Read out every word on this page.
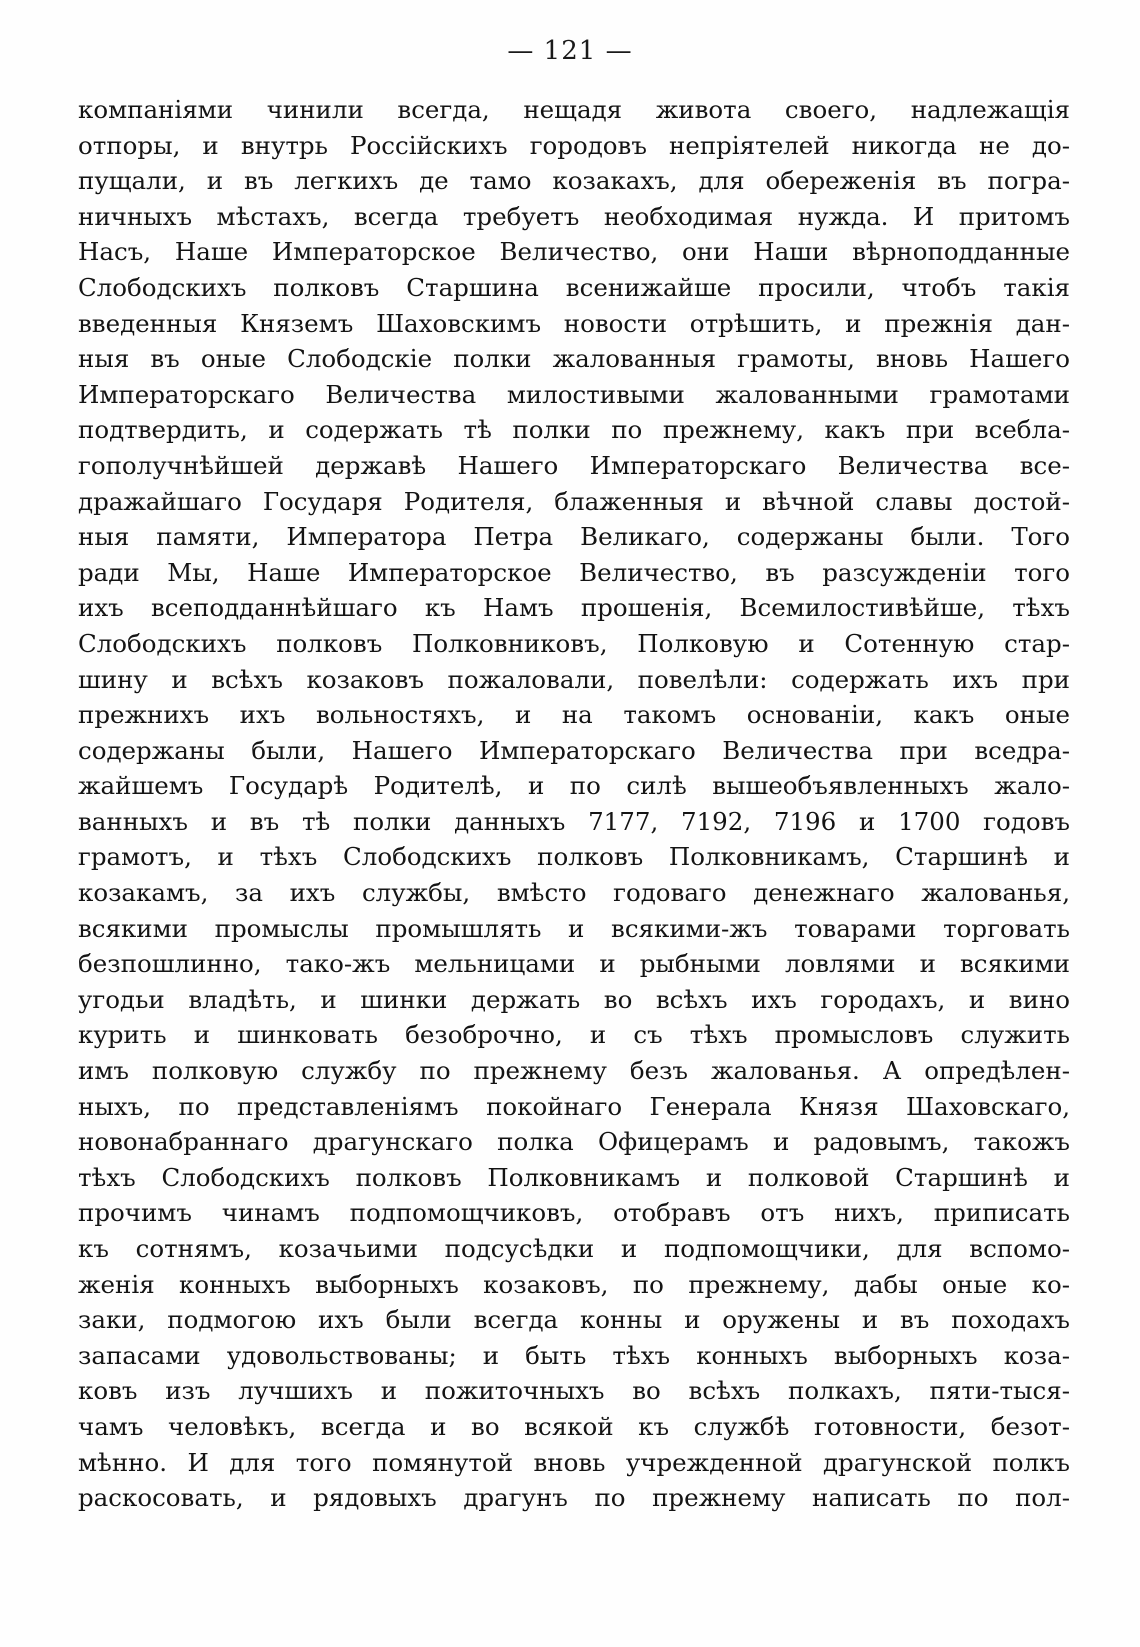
— 121 —
компаніями чинили всегда, нещадя живота своего, надлежащія
отпоры, и внутрь Россійскихъ городовъ непріятелей никогда не до-
пущали, и въ легкихъ де тамо козакахъ, для обереженія въ погра-
ничныхъ мѣстахъ, всегда требуетъ необходимая нужда. И притомъ
Насъ, Наше Императорское Величество, они Наши вѣрноподданные
Слободскихъ полковъ Старшина всенижайше просили, чтобъ такія
введенныя Княземъ Шаховскимъ новости отрѣшить, и прежнія дан-
ныя въ оные Слободскіе полки жалованныя грамоты, вновь Нашего
Императорскаго Величества милостивыми жалованными грамотами
подтвердить, и содержать тѣ полки по прежнему, какъ при всебла-
гополучнѣйшей державѣ Нашего Императорскаго Величества все-
дражайшаго Государя Родителя, блаженныя и вѣчной славы достой-
ныя памяти, Императора Петра Великаго, содержаны были. Того
ради Мы, Наше Императорское Величество, въ разсужденіи того
ихъ всеподданнѣйшаго къ Намъ прошенія, Всемилостивѣйше, тѣхъ
Слободскихъ полковъ Полковниковъ, Полковую и Сотенную стар-
шину и всѣхъ козаковъ пожаловали, повелѣли: содержать ихъ при
прежнихъ ихъ вольностяхъ, и на такомъ основаніи, какъ оные
содержаны были, Нашего Императорскаго Величества при вседра-
жайшемъ Государѣ Родителѣ, и по силѣ вышеобъявленныхъ жало-
ванныхъ и въ тѣ полки данныхъ 7177, 7192, 7196 и 1700 годовъ
грамотъ, и тѣхъ Слободскихъ полковъ Полковникамъ, Старшинѣ и
козакамъ, за ихъ службы, вмѣсто годоваго денежнаго жалованья,
всякими промыслы промышлять и всякими-жъ товарами торговать
безпошлинно, тако-жъ мельницами и рыбными ловлями и всякими
угодьи владѣть, и шинки держать во всѣхъ ихъ городахъ, и вино
курить и шинковать безоброчно, и съ тѣхъ промысловъ служить
имъ полковую службу по прежнему безъ жалованья. А опредѣлен-
ныхъ, по представленіямъ покойнаго Генерала Князя Шаховскаго,
новонабраннаго драгунскаго полка Офицерамъ и радовымъ, такожъ
тѣхъ Слободскихъ полковъ Полковникамъ и полковой Старшинѣ и
прочимъ чинамъ подпомощчиковъ, отобравъ отъ нихъ, приписать
къ сотнямъ, козачьими подсусѣдки и подпомощчики, для вспомо-
женія конныхъ выборныхъ козаковъ, по прежнему, дабы оные ко-
заки, подмогою ихъ были всегда конны и оружены и въ походахъ
запасами удовольствованы; и быть тѣхъ конныхъ выборныхъ коза-
ковъ изъ лучшихъ и пожиточныхъ во всѣхъ полкахъ, пяти-тыся-
чамъ человѣкъ, всегда и во всякой къ службѣ готовности, безот-
мѣнно. И для того помянутой вновь учрежденной драгунской полкъ
раскосовать, и рядовыхъ драгунъ по прежнему написать по пол-
